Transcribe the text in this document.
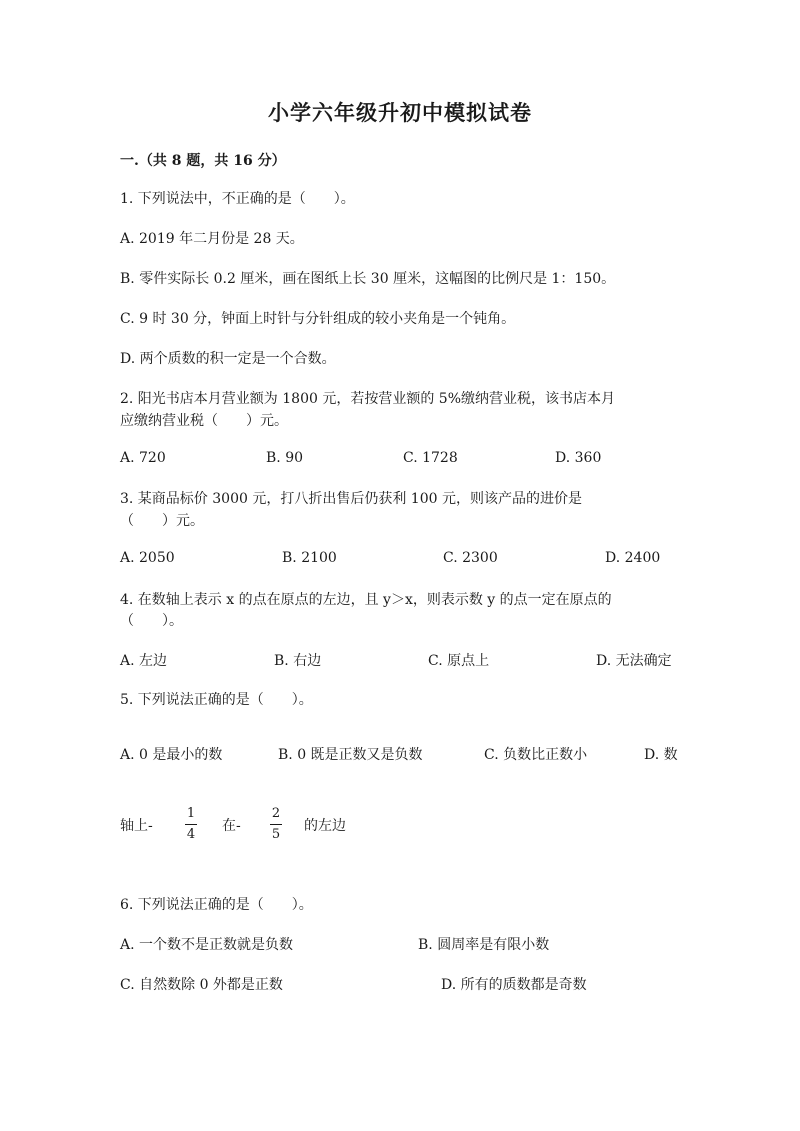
小学六年级升初中模拟试卷
一.（共 8 题，共 16 分）
1. 下列说法中，不正确的是（　　）。
A. 2019 年二月份是 28 天。
B. 零件实际长 0.2 厘米，画在图纸上长 30 厘米，这幅图的比例尺是 1：150。
C. 9 时 30 分，钟面上时针与分针组成的较小夹角是一个钝角。
D. 两个质数的积一定是一个合数。
2. 阳光书店本月营业额为 1800 元，若按营业额的 5%缴纳营业税，该书店本月
应缴纳营业税（　　）元。
A. 720	B. 90	C. 1728	D. 360
3. 某商品标价 3000 元，打八折出售后仍获利 100 元，则该产品的进价是
（　　）元。
A. 2050	B. 2100	C. 2300	D. 2400
4. 在数轴上表示 x 的点在原点的左边，且 y＞x，则表示数 y 的点一定在原点的
（　　）。
A. 左边	B. 右边	C. 原点上	D. 无法确定
5. 下列说法正确的是（　　）。
A. 0 是最小的数	B. 0 既是正数又是负数	C. 负数比正数小	D. 数
轴上-
1
4
在-
2
5
的左边
6. 下列说法正确的是（　　）。
A. 一个数不是正数就是负数	B. 圆周率是有限小数
C. 自然数除 0 外都是正数	D. 所有的质数都是奇数
